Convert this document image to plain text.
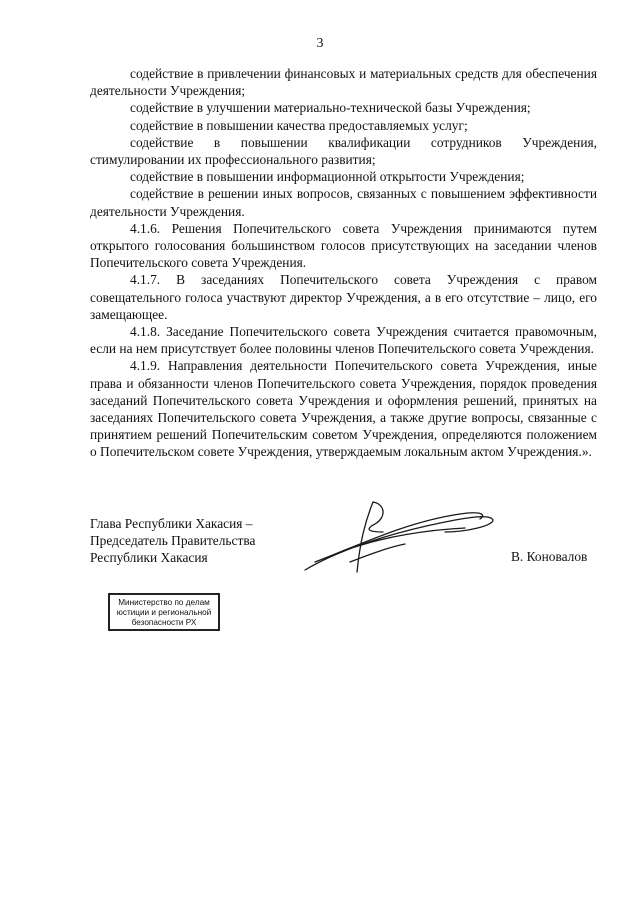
3

содействие в привлечении финансовых и материальных средств для обеспечения деятельности Учреждения;

содействие в улучшении материально-технической базы Учреждения;

содействие в повышении качества предоставляемых услуг;

содействие в повышении квалификации сотрудников Учреждения, стимулировании их профессионального развития;

содействие в повышении информационной открытости Учреждения;

содействие в решении иных вопросов, связанных с повышением эффективности деятельности Учреждения.

4.1.6. Решения Попечительского совета Учреждения принимаются путем открытого голосования большинством голосов присутствующих на заседании членов Попечительского совета Учреждения.

4.1.7. В заседаниях Попечительского совета Учреждения с правом совещательного голоса участвуют директор Учреждения, а в его отсутствие – лицо, его замещающее.

4.1.8. Заседание Попечительского совета Учреждения считается правомочным, если на нем присутствует более половины членов Попечительского совета Учреждения.

4.1.9. Направления деятельности Попечительского совета Учреждения, иные права и обязанности членов Попечительского совета Учреждения, порядок проведения заседаний Попечительского совета Учреждения и оформления решений, принятых на заседаниях Попечительского совета Учреждения, а также другие вопросы, связанные с принятием решений Попечительским советом Учреждения, определяются положением о Попечительском совете Учреждения, утверждаемым локальным актом Учреждения.».

Глава Республики Хакасия –
Председатель Правительства
Республики Хакасия	В. Коновалов
Министерство по делам
юстиции и региональной
безопасности РХ
